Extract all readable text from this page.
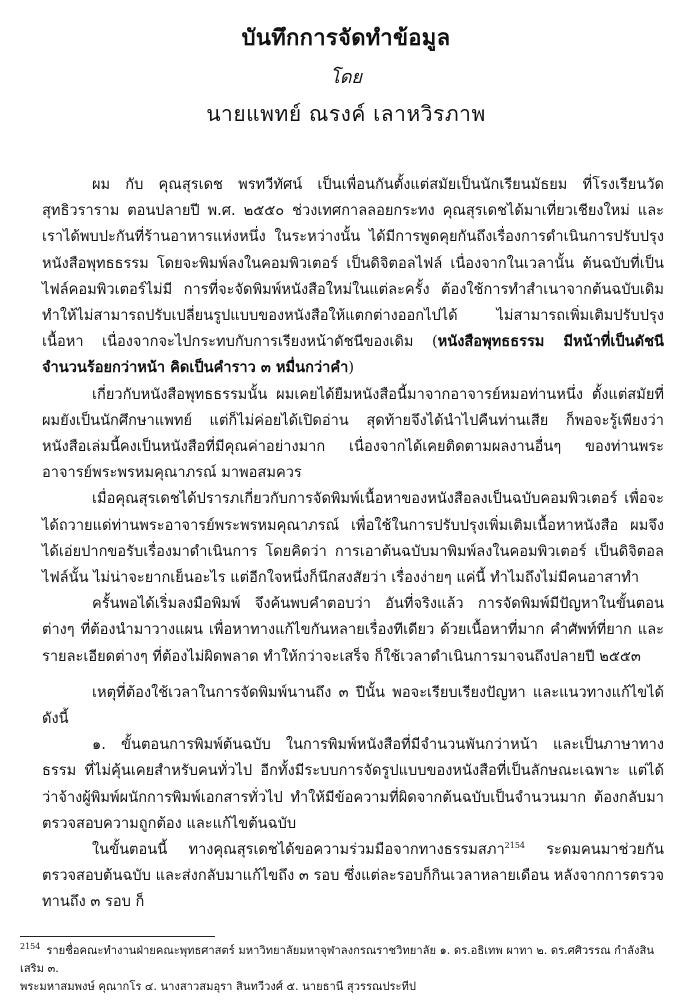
บันทึกการจัดทำข้อมูล
โดย
นายแพทย์ ณรงค์ เลาหวิรภาพ

ผม กับ คุณสุรเดช พรทวีทัศน์ เป็นเพื่อนกันตั้งแต่สมัยเป็นนักเรียนมัธยม ที่โรงเรียนวัดสุทธิวราราม ตอนปลายปี พ.ศ. ๒๕๕๐ ช่วงเทศกาลลอยกระทง คุณสุรเดชได้มาเที่ยวเชียงใหม่ และเราได้พบปะกันที่ร้านอาหารแห่งหนึ่ง ในระหว่างนั้น ได้มีการพูดคุยกันถึงเรื่องการดำเนินการปรับปรุงหนังสือพุทธธรรม โดยจะพิมพ์ลงในคอมพิวเตอร์ เป็นดิจิตอลไฟล์ เนื่องจากในเวลานั้น ต้นฉบับที่เป็นไฟล์คอมพิวเตอร์ไม่มี การที่จะจัดพิมพ์หนังสือใหม่ในแต่ละครั้ง ต้องใช้การทำสำเนาจากต้นฉบับเดิม ทำให้ไม่สามารถปรับเปลี่ยนรูปแบบของหนังสือให้แตกต่างออกไปได้ ไม่สามารถเพิ่มเติมปรับปรุงเนื้อหา เนื่องจากจะไปกระทบกับการเรียงหน้าดัชนีของเดิม (หนังสือพุทธธรรม มีหน้าที่เป็นดัชนี จำนวนร้อยกว่าหน้า คิดเป็นคำราว ๓ หมื่นกว่าคำ)

เกี่ยวกับหนังสือพุทธธรรมนั้น ผมเคยได้ยืมหนังสือนี้มาจากอาจารย์หมอท่านหนึ่ง ตั้งแต่สมัยที่ผมยังเป็นนักศึกษาแพทย์ แต่ก็ไม่ค่อยได้เปิดอ่าน สุดท้ายจึงได้นำไปคืนท่านเสีย ก็พอจะรู้เพียงว่าหนังสือเล่มนี้คงเป็นหนังสือที่มีคุณค่าอย่างมาก เนื่องจากได้เคยติดตามผลงานอื่นๆ ของท่านพระอาจารย์พระพรหมคุณาภรณ์ มาพอสมควร

เมื่อคุณสุรเดชได้ปรารภเกี่ยวกับการจัดพิมพ์เนื้อหาของหนังสือลงเป็นฉบับคอมพิวเตอร์ เพื่อจะได้ถวายแด่ท่านพระอาจารย์พระพรหมคุณาภรณ์ เพื่อใช้ในการปรับปรุงเพิ่มเติมเนื้อหาหนังสือ ผมจึงได้เอ่ยปากขอรับเรื่องมาดำเนินการ โดยคิดว่า การเอาต้นฉบับมาพิมพ์ลงในคอมพิวเตอร์ เป็นดิจิตอลไฟล์นั้น ไม่น่าจะยากเย็นอะไร แต่อีกใจหนึ่งก็นึกสงสัยว่า เรื่องง่ายๆ แค่นี้ ทำไมถึงไม่มีคนอาสาทำ

ครั้นพอได้เริ่มลงมือพิมพ์ จึงค้นพบคำตอบว่า อันที่จริงแล้ว การจัดพิมพ์มีปัญหาในขั้นตอนต่างๆ ที่ต้องนำมาวางแผน เพื่อหาทางแก้ไขกันหลายเรื่องทีเดียว ด้วยเนื้อหาที่มาก คำศัพท์ที่ยาก และรายละเอียดต่างๆ ที่ต้องไม่ผิดพลาด ทำให้กว่าจะเสร็จ ก็ใช้เวลาดำเนินการมาจนถึงปลายปี ๒๕๕๓

เหตุที่ต้องใช้เวลาในการจัดพิมพ์นานถึง ๓ ปีนั้น พอจะเรียบเรียงปัญหา และแนวทางแก้ไขได้ ดังนี้

๑. ขั้นตอนการพิมพ์ต้นฉบับ ในการพิมพ์หนังสือที่มีจำนวนพันกว่าหน้า และเป็นภาษาทางธรรม ที่ไม่คุ้นเคยสำหรับคนทั่วไป อีกทั้งมีระบบการจัดรูปแบบของหนังสือที่เป็นลักษณะเฉพาะ แต่ได้ว่าจ้างผู้พิมพ์ผนักการพิมพ์เอกสารทั่วไป ทำให้มีข้อความที่ผิดจากต้นฉบับเป็นจำนวนมาก ต้องกลับมาตรวจสอบความถูกต้อง และแก้ไขต้นฉบับ

ในขั้นตอนนี้ ทางคุณสุรเดชได้ขอความร่วมมือจากทางธรรมสภา$^{2154}$ ระดมคนมาช่วยกันตรวจสอบต้นฉบับ และส่งกลับมาแก้ไขถึง ๓ รอบ ซึ่งแต่ละรอบก็กินเวลาหลายเดือน หลังจากการตรวจทานถึง ๓ รอบ ก็

$^{2154}$ รายชื่อคณะทำงานฝ่ายคณะพุทธศาสตร์ มหาวิทยาลัยมหาจุฬาลงกรณราชวิทยาลัย ๑. ดร.อธิเทพ ผาทา ๒. ดร.ศศิวรรณ กำลังสินเสริม ๓.
พระมหาสมพงษ์ คุณากโร ๔. นางสาวสมอุรา สินทวีวงศ์ ๕. นายธานี สุวรรณประทีป
